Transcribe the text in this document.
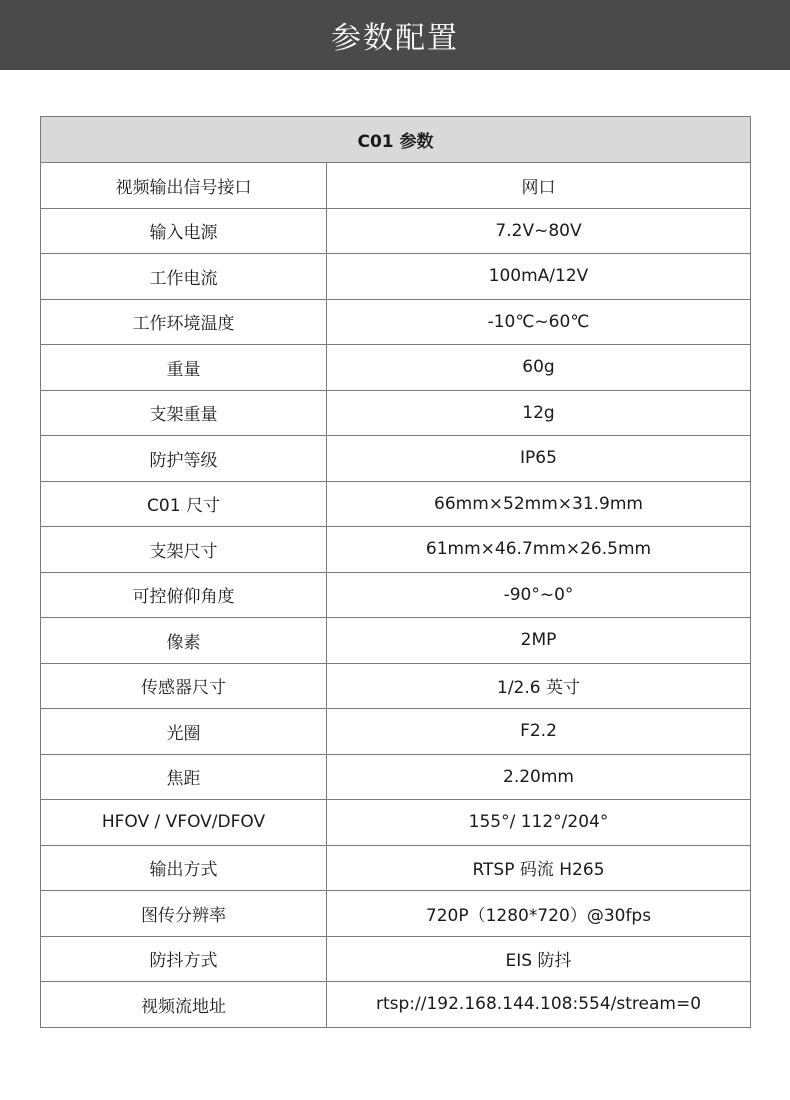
参数配置
C01 参数	
视频输出信号接口	网口
输入电源	7.2V~80V
工作电流	100mA/12V
工作环境温度	-10℃~60℃
重量	60g
支架重量	12g
防护等级	IP65
C01 尺寸	66mm×52mm×31.9mm
支架尺寸	61mm×46.7mm×26.5mm
可控俯仰角度	-90°~0°
像素	2MP
传感器尺寸	1/2.6 英寸
光圈	F2.2
焦距	2.20mm
HFOV / VFOV/DFOV	155°/ 112°/204°
输出方式	RTSP 码流 H265
图传分辨率	720P（1280*720）@30fps
防抖方式	EIS 防抖
视频流地址	rtsp://192.168.144.108:554/stream=0
